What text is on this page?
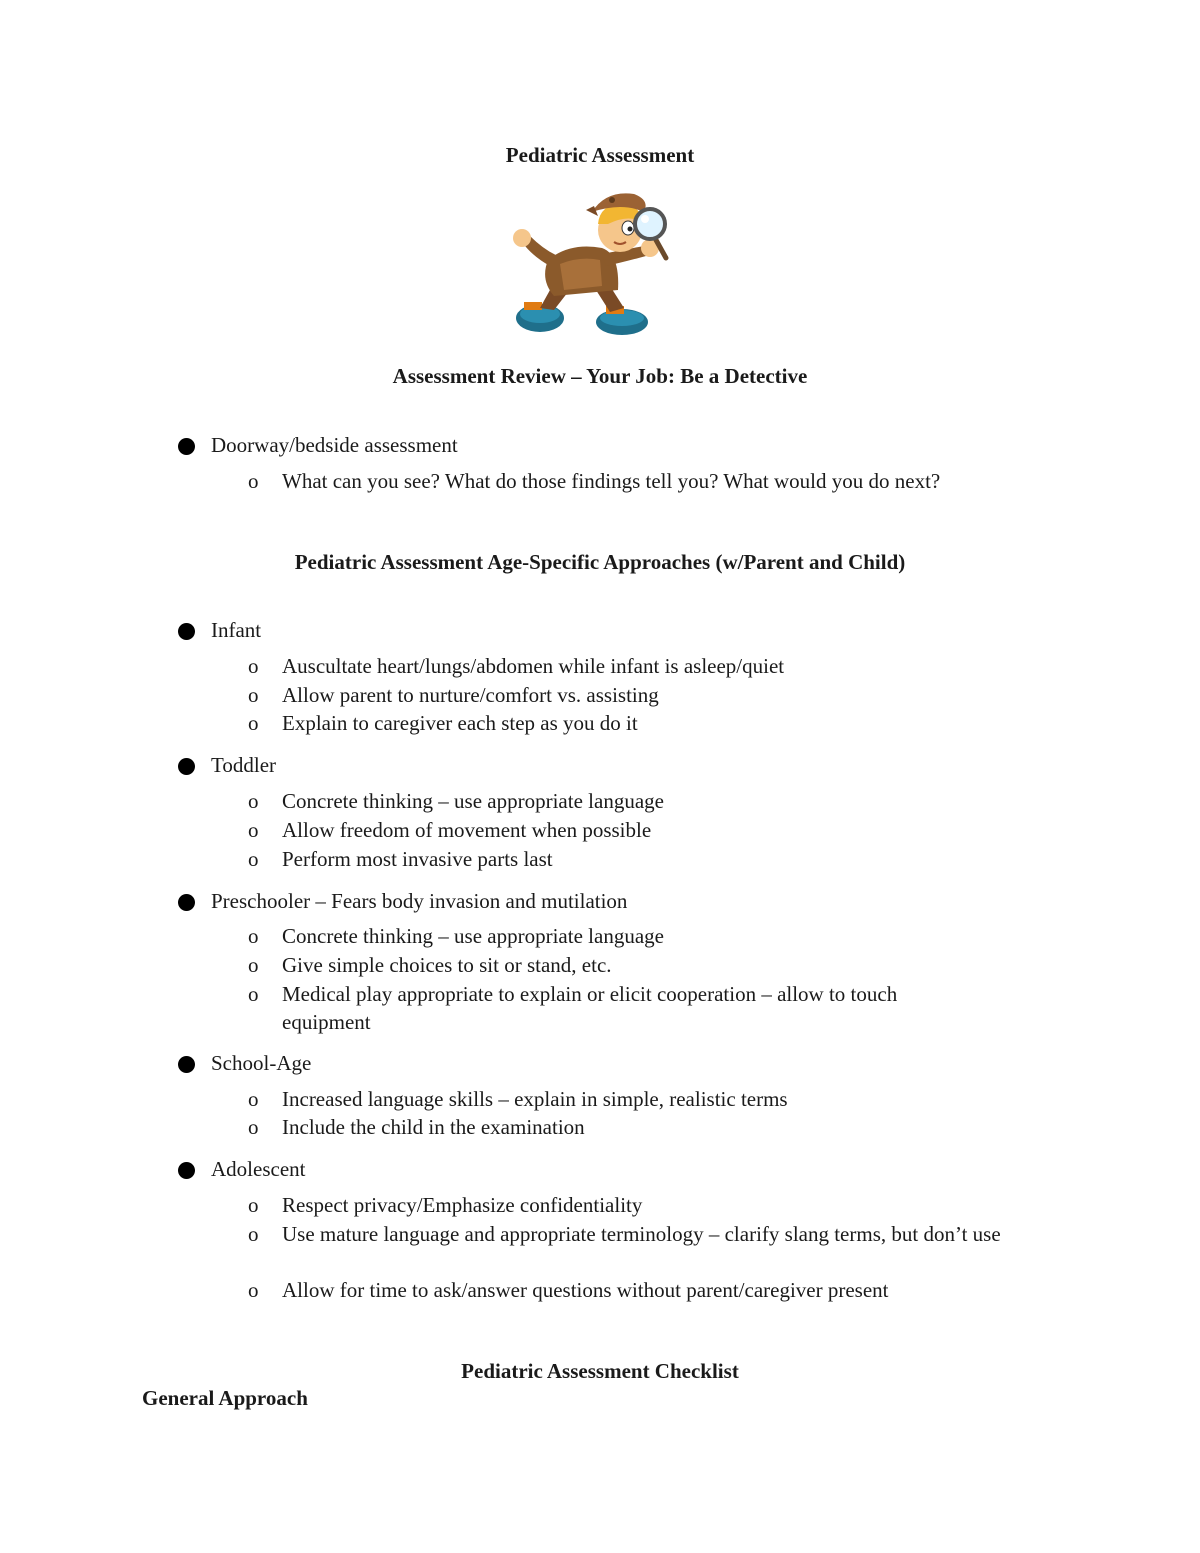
Pediatric Assessment
Assessment Review – Your Job: Be a Detective
Doorway/bedside assessment
o What can you see? What do those findings tell you? What would you do next?
Pediatric Assessment Age-Specific Approaches (w/Parent and Child)
Infant
o Auscultate heart/lungs/abdomen while infant is asleep/quiet
o Allow parent to nurture/comfort vs. assisting
o Explain to caregiver each step as you do it
Toddler
o Concrete thinking – use appropriate language
o Allow freedom of movement when possible
o Perform most invasive parts last
Preschooler – Fears body invasion and mutilation
o Concrete thinking – use appropriate language
o Give simple choices to sit or stand, etc.
o Medical play appropriate to explain or elicit cooperation – allow to touch equipment
School-Age
o Increased language skills – explain in simple, realistic terms
o Include the child in the examination
Adolescent
o Respect privacy/Emphasize confidentiality
o Use mature language and appropriate terminology – clarify slang terms, but don’t use
o Allow for time to ask/answer questions without parent/caregiver present
Pediatric Assessment Checklist
General Approach
